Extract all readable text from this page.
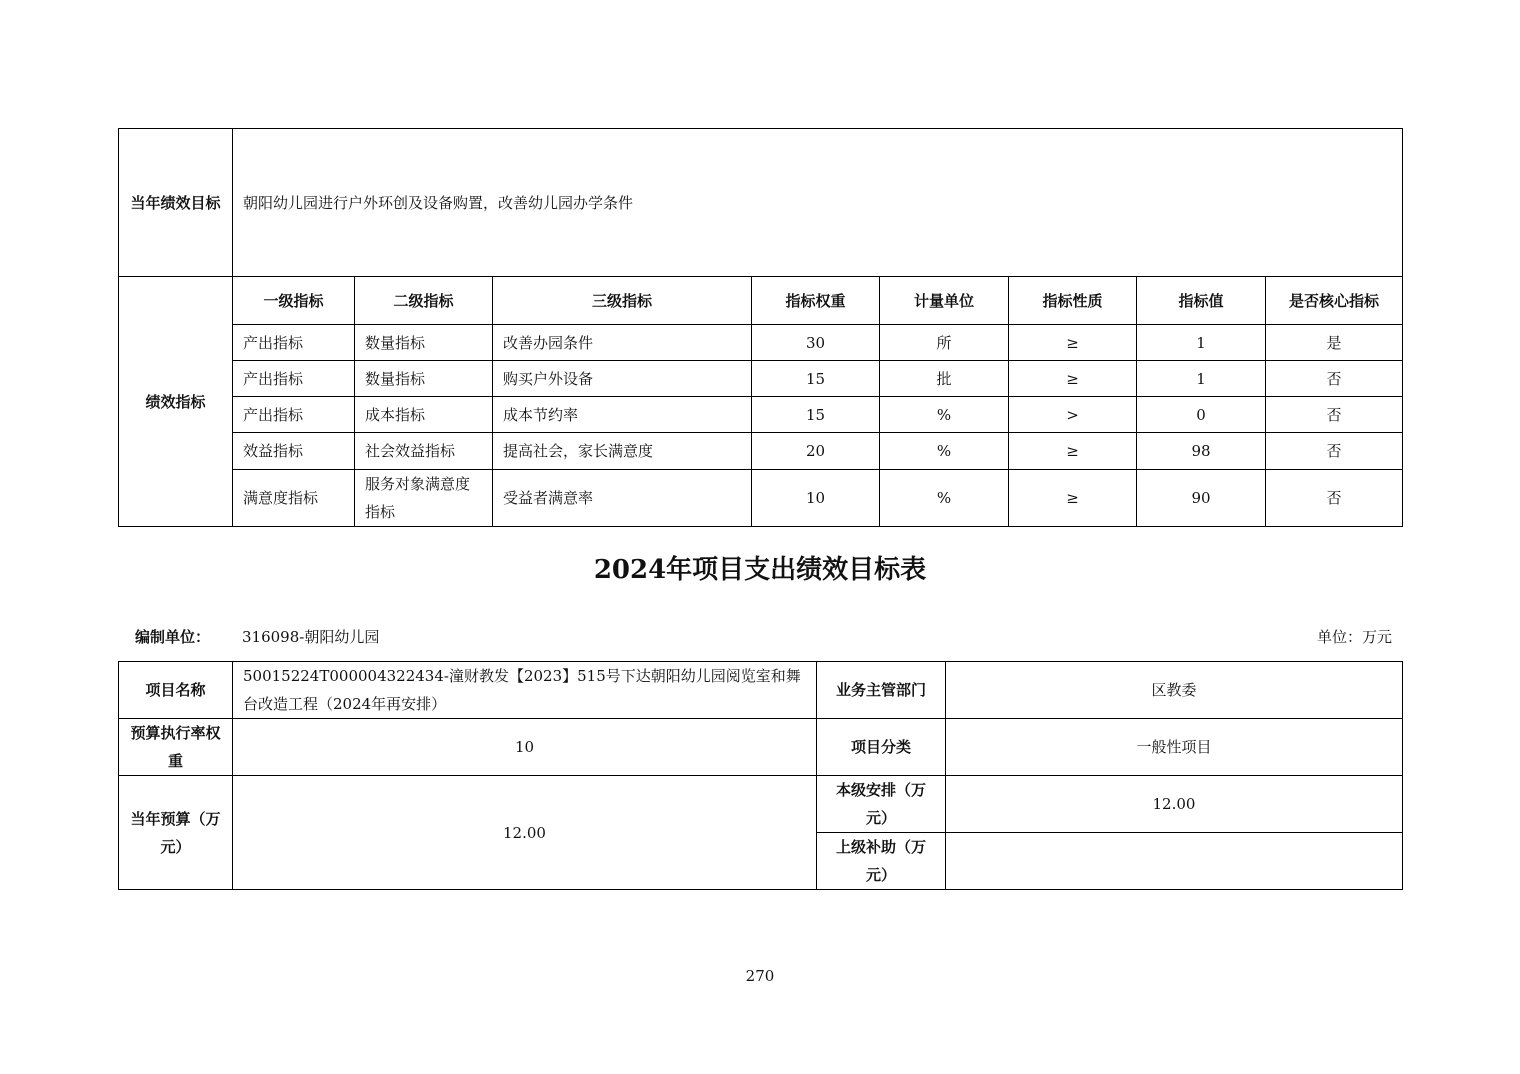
当年绩效目标	朝阳幼儿园进行户外环创及设备购置，改善幼儿园办学条件							
绩效指标	一级指标	二级指标	三级指标	指标权重	计量单位	指标性质	指标值	是否核心指标
	产出指标	数量指标	改善办园条件	30	所	≥	1	是
	产出指标	数量指标	购买户外设备	15	批	≥	1	否
	产出指标	成本指标	成本节约率	15	%	>	0	否
	效益指标	社会效益指标	提高社会，家长满意度	20	%	≥	98	否
	满意度指标	服务对象满意度指标	受益者满意率	10	%	≥	90	否
2024年项目支出绩效目标表
编制单位： 316098-朝阳幼儿园	单位：万元
项目名称	50015224T000004322434-潼财教发【2023】515号下达朝阳幼儿园阅览室和舞台改造工程（2024年再安排）	业务主管部门	区教委
预算执行率权重	10	项目分类	一般性项目
当年预算（万元）	12.00	本级安排（万元）	12.00
		上级补助（万元）	
270
